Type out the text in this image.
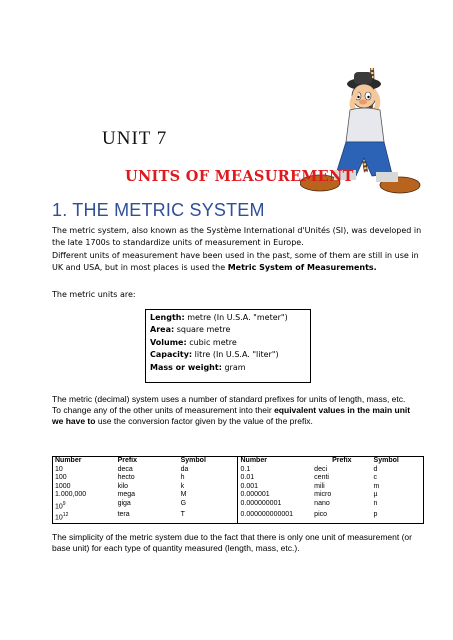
UNIT 7
UNITS OF MEASUREMENT
1. THE METRIC SYSTEM
The metric system, also known as the Système International d'Unités (SI), was developed in the late 1700s to standardize units of measurement in Europe.
Different units of measurement have been used in the past, some of them are still in use in UK and USA, but in most places is used the Metric System of Measurements.
The metric units are:
Length: metre (In U.S.A. "meter")
Area: square metre
Volume: cubic metre
Capacity: litre (In U.S.A. "liter")
Mass or weight: gram
The metric (decimal) system uses a number of standard prefixes for units of length, mass, etc.
To change any of the other units of measurement into their equivalent values in the main unit we have to use the conversion factor given by the value of the prefix.
Number	Prefix	Symbol	Number	Prefix	Symbol
10	deca	da	0.1	deci	d
100	hecto	h	0.01	centi	c
1000	kilo	k	0.001	mili	m
1.000,000	mega	M	0.000001	micro	µ
$10^9$	giga	G	0.000000001	nano	n
$10^{12}$	tera	T	0.000000000001	pico	p
The simplicity of the metric system due to the fact that there is only one unit of measurement (or base unit) for each type of quantity measured (length, mass, etc.).
